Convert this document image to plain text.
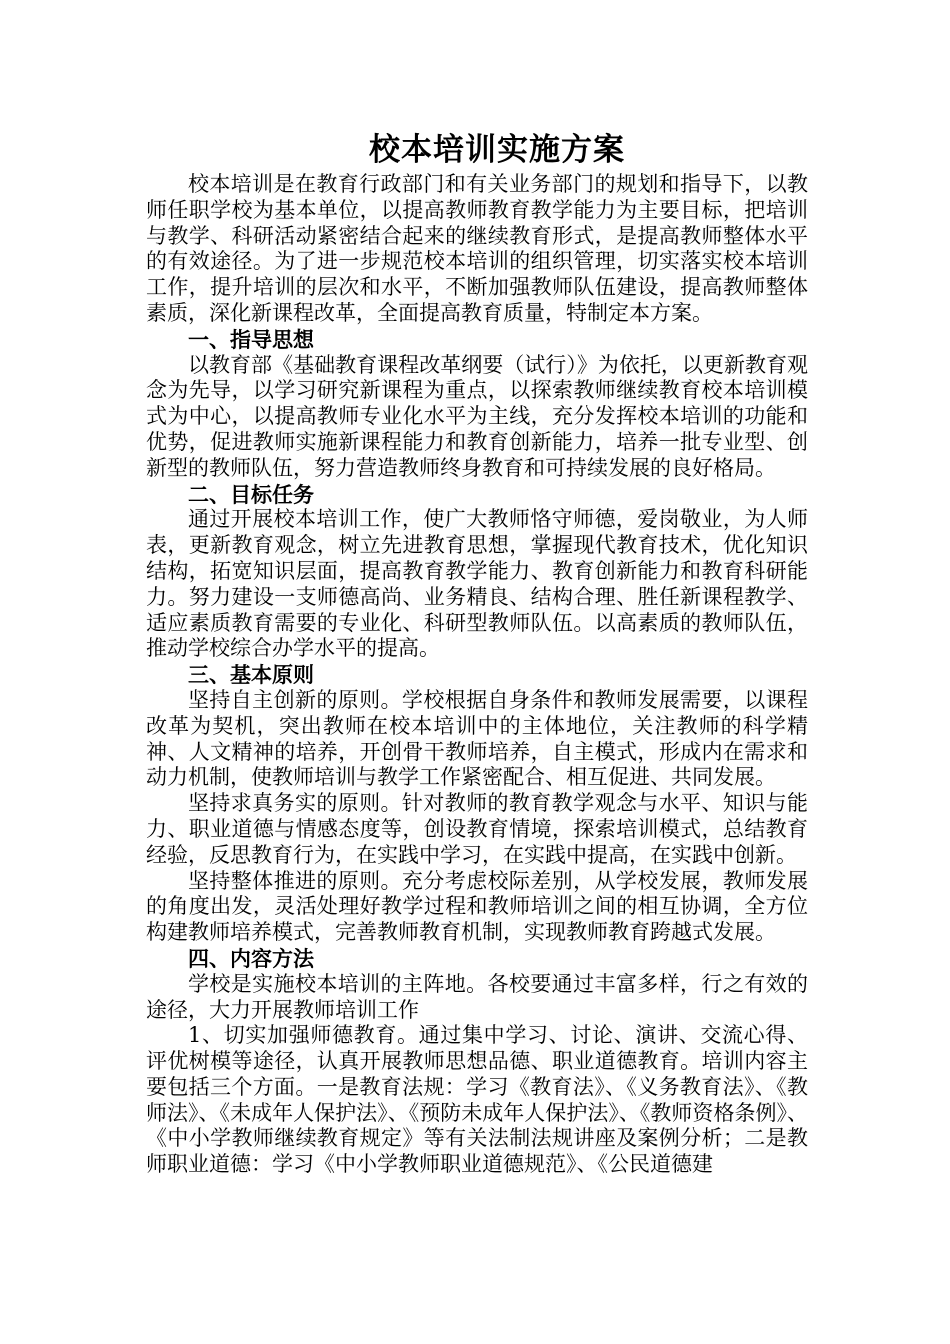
校本培训实施方案

校本培训是在教育行政部门和有关业务部门的规划和指导下，以教师任职学校为基本单位，以提高教师教育教学能力为主要目标，把培训与教学、科研活动紧密结合起来的继续教育形式，是提高教师整体水平的有效途径。为了进一步规范校本培训的组织管理，切实落实校本培训工作，提升培训的层次和水平，不断加强教师队伍建设，提高教师整体素质，深化新课程改革，全面提高教育质量，特制定本方案。

一、指导思想

以教育部《基础教育课程改革纲要（试行）》为依托，以更新教育观念为先导，以学习研究新课程为重点，以探索教师继续教育校本培训模式为中心，以提高教师专业化水平为主线，充分发挥校本培训的功能和优势，促进教师实施新课程能力和教育创新能力，培养一批专业型、创新型的教师队伍，努力营造教师终身教育和可持续发展的良好格局。

二、目标任务

通过开展校本培训工作，使广大教师恪守师德，爱岗敬业，为人师表，更新教育观念，树立先进教育思想，掌握现代教育技术，优化知识结构，拓宽知识层面，提高教育教学能力、教育创新能力和教育科研能力。努力建设一支师德高尚、业务精良、结构合理、胜任新课程教学、适应素质教育需要的专业化、科研型教师队伍。以高素质的教师队伍，推动学校综合办学水平的提高。

三、基本原则

坚持自主创新的原则。学校根据自身条件和教师发展需要，以课程改革为契机，突出教师在校本培训中的主体地位，关注教师的科学精神、人文精神的培养，开创骨干教师培养，自主模式，形成内在需求和动力机制，使教师培训与教学工作紧密配合、相互促进、共同发展。

坚持求真务实的原则。针对教师的教育教学观念与水平、知识与能力、职业道德与情感态度等，创设教育情境，探索培训模式，总结教育经验，反思教育行为，在实践中学习，在实践中提高，在实践中创新。

坚持整体推进的原则。充分考虑校际差别，从学校发展，教师发展的角度出发，灵活处理好教学过程和教师培训之间的相互协调，全方位构建教师培养模式，完善教师教育机制，实现教师教育跨越式发展。

四、内容方法

学校是实施校本培训的主阵地。各校要通过丰富多样，行之有效的途径，大力开展教师培训工作

1、切实加强师德教育。通过集中学习、讨论、演讲、交流心得、评优树模等途径，认真开展教师思想品德、职业道德教育。培训内容主要包括三个方面。一是教育法规：学习《教育法》、《义务教育法》、《教师法》、《未成年人保护法》、《预防未成年人保护法》、《教师资格条例》、《中小学教师继续教育规定》等有关法制法规讲座及案例分析；二是教师职业道德：学习《中小学教师职业道德规范》、《公民道德建
